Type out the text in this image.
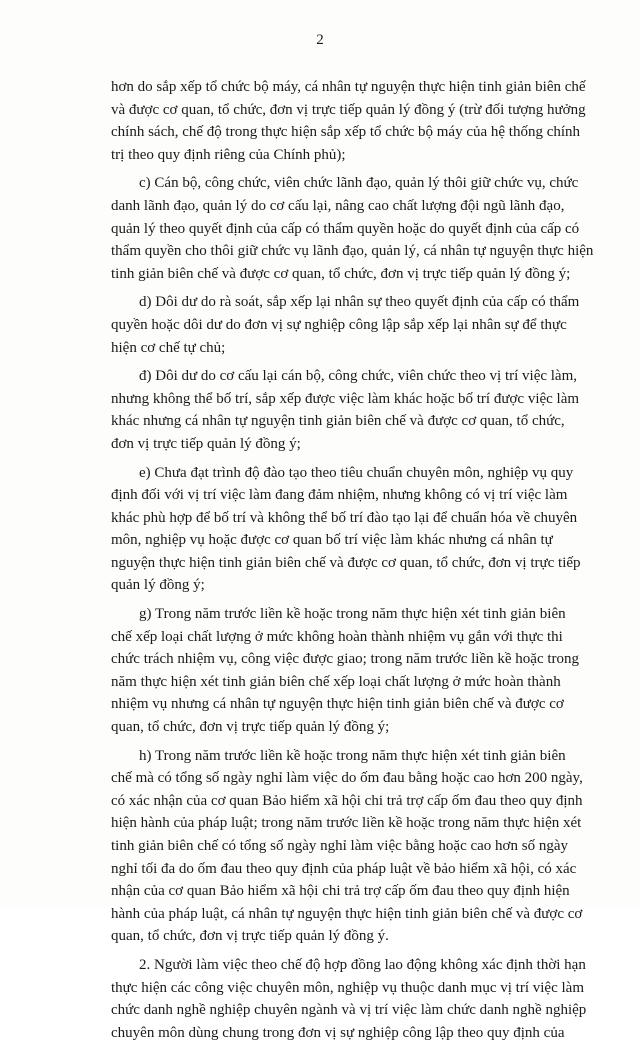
2
hơn do sắp xếp tổ chức bộ máy, cá nhân tự nguyện thực hiện tinh giản biên chế
và được cơ quan, tổ chức, đơn vị trực tiếp quản lý đồng ý (trừ đối tượng hưởng
chính sách, chế độ trong thực hiện sắp xếp tổ chức bộ máy của hệ thống chính
trị theo quy định riêng của Chính phủ);
c) Cán bộ, công chức, viên chức lãnh đạo, quản lý thôi giữ chức vụ, chức
danh lãnh đạo, quản lý do cơ cấu lại, nâng cao chất lượng đội ngũ lãnh đạo,
quản lý theo quyết định của cấp có thẩm quyền hoặc do quyết định của cấp có
thẩm quyền cho thôi giữ chức vụ lãnh đạo, quản lý, cá nhân tự nguyện thực hiện
tinh giản biên chế và được cơ quan, tổ chức, đơn vị trực tiếp quản lý đồng ý;
d) Dôi dư do rà soát, sắp xếp lại nhân sự theo quyết định của cấp có thẩm
quyền hoặc dôi dư do đơn vị sự nghiệp công lập sắp xếp lại nhân sự để thực
hiện cơ chế tự chủ;
đ) Dôi dư do cơ cấu lại cán bộ, công chức, viên chức theo vị trí việc làm,
nhưng không thể bố trí, sắp xếp được việc làm khác hoặc bố trí được việc làm
khác nhưng cá nhân tự nguyện tinh giản biên chế và được cơ quan, tổ chức,
đơn vị trực tiếp quản lý đồng ý;
e) Chưa đạt trình độ đào tạo theo tiêu chuẩn chuyên môn, nghiệp vụ quy
định đối với vị trí việc làm đang đảm nhiệm, nhưng không có vị trí việc làm
khác phù hợp để bố trí và không thể bố trí đào tạo lại để chuẩn hóa về chuyên
môn, nghiệp vụ hoặc được cơ quan bố trí việc làm khác nhưng cá nhân tự
nguyện thực hiện tinh giản biên chế và được cơ quan, tổ chức, đơn vị trực tiếp
quản lý đồng ý;
g) Trong năm trước liền kề hoặc trong năm thực hiện xét tinh giản biên
chế xếp loại chất lượng ở mức không hoàn thành nhiệm vụ gắn với thực thi
chức trách nhiệm vụ, công việc được giao; trong năm trước liền kề hoặc trong
năm thực hiện xét tinh giản biên chế xếp loại chất lượng ở mức hoàn thành
nhiệm vụ nhưng cá nhân tự nguyện thực hiện tinh giản biên chế và được cơ
quan, tổ chức, đơn vị trực tiếp quản lý đồng ý;
h) Trong năm trước liền kề hoặc trong năm thực hiện xét tinh giản biên
chế mà có tổng số ngày nghỉ làm việc do ốm đau bằng hoặc cao hơn 200 ngày,
có xác nhận của cơ quan Bảo hiểm xã hội chi trả trợ cấp ốm đau theo quy định
hiện hành của pháp luật; trong năm trước liền kề hoặc trong năm thực hiện xét
tinh giản biên chế có tổng số ngày nghỉ làm việc bằng hoặc cao hơn số ngày
nghỉ tối đa do ốm đau theo quy định của pháp luật về bảo hiểm xã hội, có xác
nhận của cơ quan Bảo hiểm xã hội chi trả trợ cấp ốm đau theo quy định hiện
hành của pháp luật, cá nhân tự nguyện thực hiện tinh giản biên chế và được cơ
quan, tổ chức, đơn vị trực tiếp quản lý đồng ý.
2. Người làm việc theo chế độ hợp đồng lao động không xác định thời hạn
thực hiện các công việc chuyên môn, nghiệp vụ thuộc danh mục vị trí việc làm
chức danh nghề nghiệp chuyên ngành và vị trí việc làm chức danh nghề nghiệp
chuyên môn dùng chung trong đơn vị sự nghiệp công lập theo quy định của
